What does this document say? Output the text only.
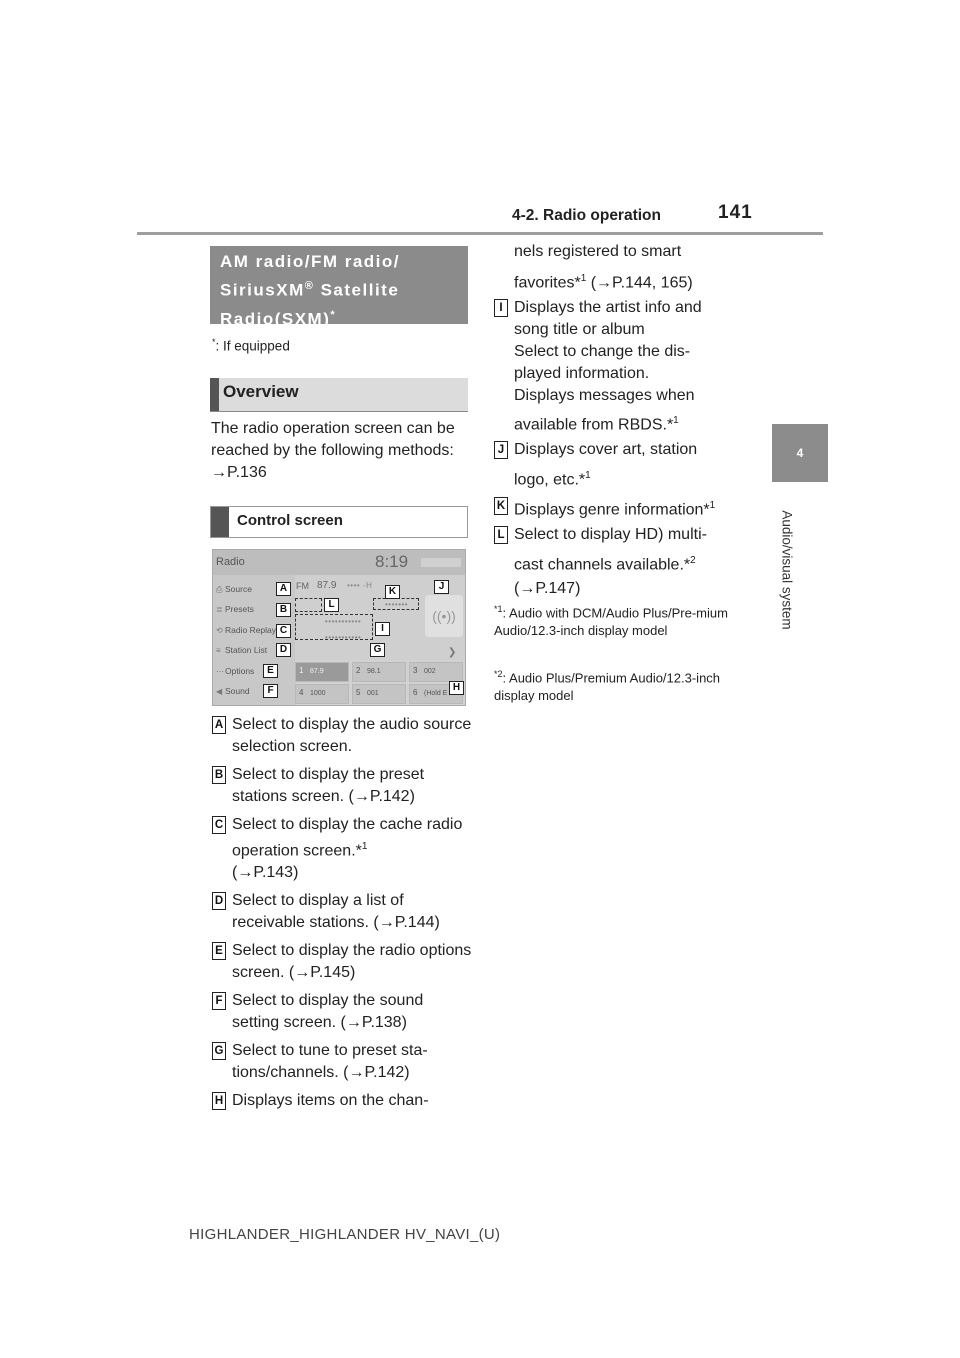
4-2. Radio operation	141
4
Audio/visual system
AM radio/FM radio/
SiriusXM® Satellite
Radio(SXM)*
*: If equipped
Overview
The radio operation screen can be reached by the following methods: →P.136
Control screen
Radio	8:19
⎙ Source
≣ Presets
⟲ Radio Replay
≡ Station List
⋯Options
◀ Sound
FM 87.9 •••• -H
•••••••
•••••••••••
•••••••••••
((•))
❯
1 87.9	2 98.1	3 002
4 1000	5 001	6 (Hold E
A
B
C
D
E
F
G
H
I
J
K
L
A Select to display the audio source selection screen.
B Select to display the preset stations screen. (→P.142)
C Select to display the cache radio operation screen.*$^1$
(→P.143)
D Select to display a list of receivable stations. (→P.144)
E Select to display the radio options screen. (→P.145)
F Select to display the sound setting screen. (→P.138)
G Select to tune to preset sta-tions/channels. (→P.142)
H Displays items on the chan-
nels registered to smart
favorites*$^1$ (→P.144, 165)
I Displays the artist info and
song title or album
Select to change the dis-
played information.
Displays messages when
available from RBDS.*$^1$
J Displays cover art, station
logo, etc.*$^1$
K Displays genre information*$^1$
L Select to display HD) multi-
cast channels available.*$^2$
(→P.147)
$^{*1}$: Audio with DCM/Audio Plus/Pre-mium Audio/12.3-inch display model
$^{*2}$: Audio Plus/Premium Audio/12.3-inch display model
HIGHLANDER_HIGHLANDER HV_NAVI_(U)
